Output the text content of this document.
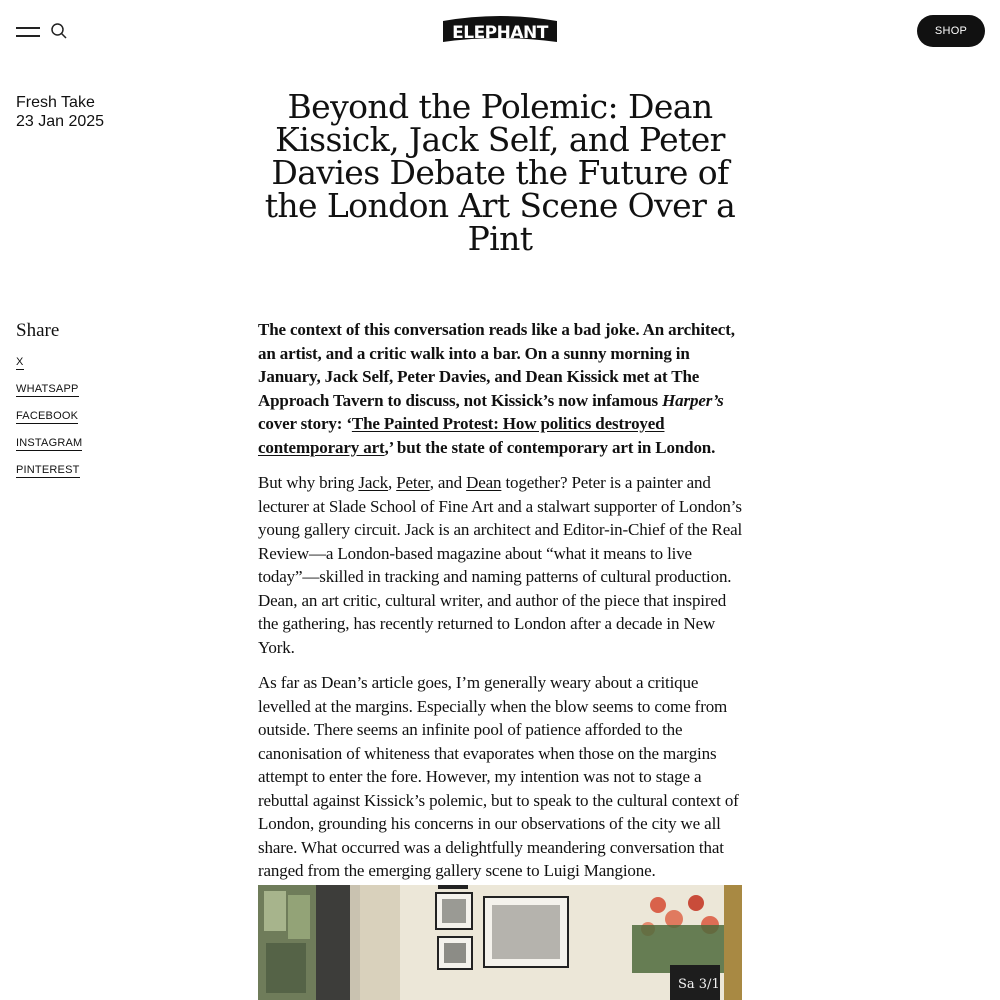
ELEPHANT	SHOP
Fresh Take
23 Jan 2025	Beyond the Polemic: Dean Kissick, Jack Self, and Peter Davies Debate the Future of the London Art Scene Over a Pint
Share
X
WHATSAPP
FACEBOOK
INSTAGRAM
PINTEREST

The context of this conversation reads like a bad joke. An architect, an artist, and a critic walk into a bar. On a sunny morning in January, Jack Self, Peter Davies, and Dean Kissick met at The Approach Tavern to discuss, not Kissick’s now infamous Harper’s cover story: ‘The Painted Protest: How politics destroyed contemporary art,’ but the state of contemporary art in London.

But why bring Jack, Peter, and Dean together? Peter is a painter and lecturer at Slade School of Fine Art and a stalwart supporter of London’s young gallery circuit. Jack is an architect and Editor-in-Chief of the Real Review—a London-based magazine about “what it means to live today”—skilled in tracking and naming patterns of cultural production. Dean, an art critic, cultural writer, and author of the piece that inspired the gathering, has recently returned to London after a decade in New York.

As far as Dean’s article goes, I’m generally weary about a critique levelled at the margins. Especially when the blow seems to come from outside. There seems an infinite pool of patience afforded to the canonisation of whiteness that evaporates when those on the margins attempt to enter the fore. However, my intention was not to stage a rebuttal against Kissick’s polemic, but to speak to the cultural context of London, grounding his concerns in our observations of the city we all share. What occurred was a delightfully meandering conversation that ranged from the emerging gallery scene to Luigi Mangione.

Sa 3/1
